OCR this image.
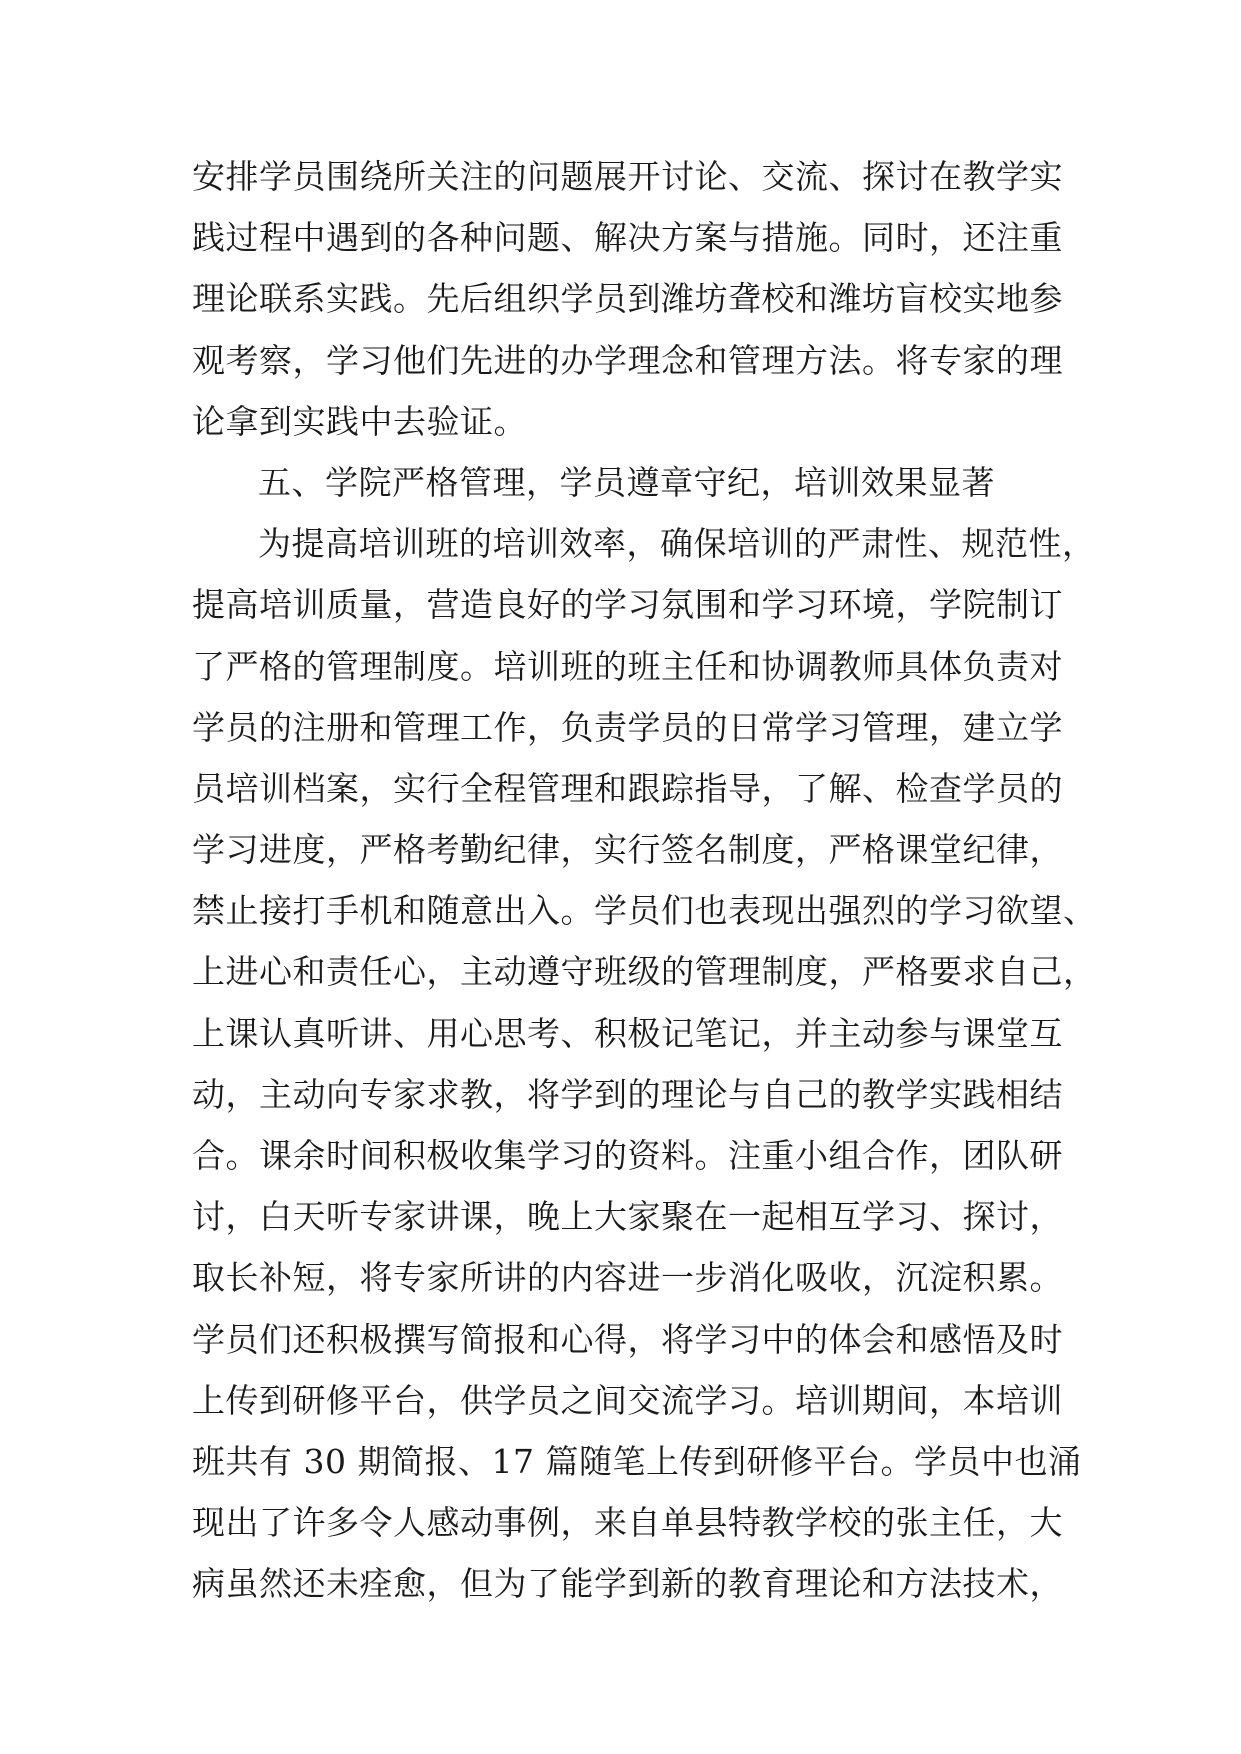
安排学员围绕所关注的问题展开讨论、交流、探讨在教学实
践过程中遇到的各种问题、解决方案与措施。同时，还注重
理论联系实践。先后组织学员到潍坊聋校和潍坊盲校实地参
观考察，学习他们先进的办学理念和管理方法。将专家的理
论拿到实践中去验证。
五、学院严格管理，学员遵章守纪，培训效果显著
为提高培训班的培训效率，确保培训的严肃性、规范性，
提高培训质量，营造良好的学习氛围和学习环境，学院制订
了严格的管理制度。培训班的班主任和协调教师具体负责对
学员的注册和管理工作，负责学员的日常学习管理，建立学
员培训档案，实行全程管理和跟踪指导，了解、检查学员的
学习进度，严格考勤纪律，实行签名制度，严格课堂纪律，
禁止接打手机和随意出入。学员们也表现出强烈的学习欲望、
上进心和责任心，主动遵守班级的管理制度，严格要求自己，
上课认真听讲、用心思考、积极记笔记，并主动参与课堂互
动，主动向专家求教，将学到的理论与自己的教学实践相结
合。课余时间积极收集学习的资料。注重小组合作，团队研
讨，白天听专家讲课，晚上大家聚在一起相互学习、探讨，
取长补短，将专家所讲的内容进一步消化吸收，沉淀积累。
学员们还积极撰写简报和心得，将学习中的体会和感悟及时
上传到研修平台，供学员之间交流学习。培训期间，本培训
班共有 30 期简报、17 篇随笔上传到研修平台。学员中也涌
现出了许多令人感动事例，来自单县特教学校的张主任，大
病虽然还未痊愈，但为了能学到新的教育理论和方法技术，
